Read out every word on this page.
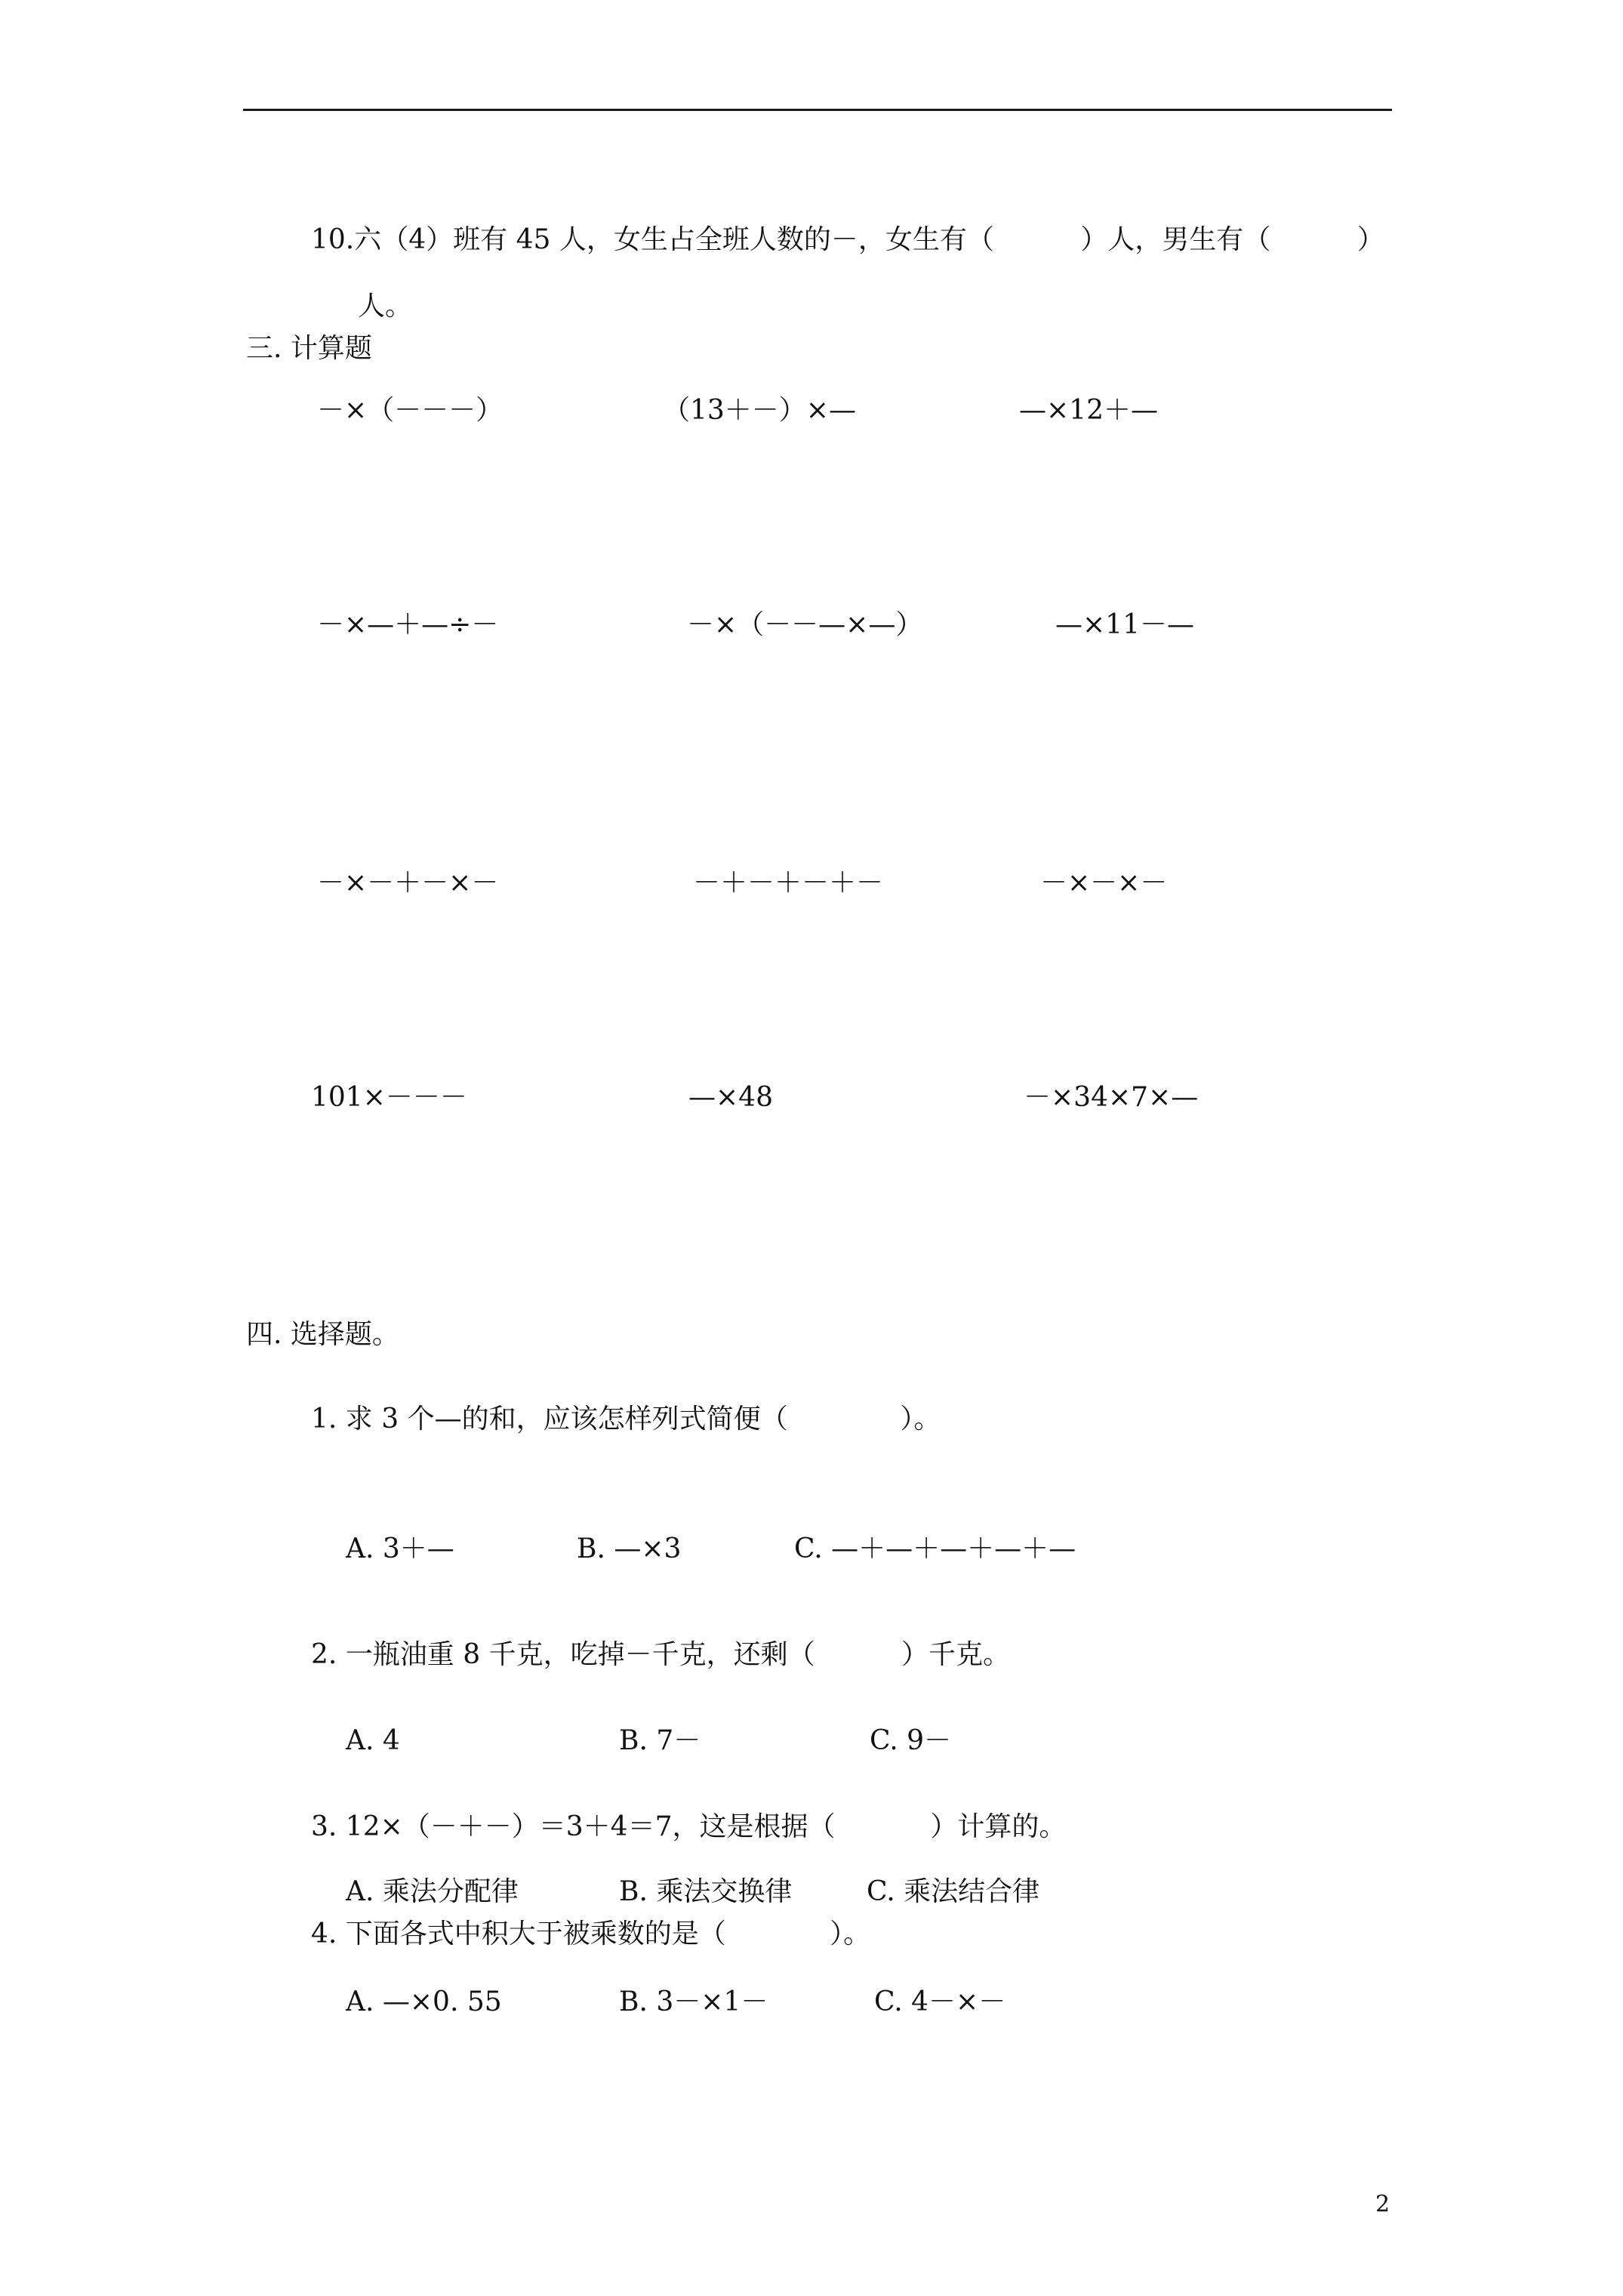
10.六（4）班有 45 人，女生占全班人数的－，女生有（          ）人，男生有（          ）
人。
三. 计算题
－×（－－－）	（13＋－）×—	—×12＋—
－×—＋—÷－	－×（－－—×—）	—×11－—
－×－＋－×－	－＋－＋－＋－	－×－×－
101×－－－	—×48	－×34×7×—
四. 选择题。
1. 求 3 个—的和，应该怎样列式简便（             ）。
A. 3＋—	B. —×3	C. —＋—＋—＋—＋—
2. 一瓶油重 8 千克，吃掉－千克，还剩（          ）千克。
A. 4	B. 7－	C. 9－
3. 12×（－＋－）＝3＋4＝7，这是根据（           ）计算的。
A. 乘法分配律	B. 乘法交换律	C. 乘法结合律
4. 下面各式中积大于被乘数的是（            ）。
A. —×0. 55	B. 3－×1－	C. 4－×－
2
